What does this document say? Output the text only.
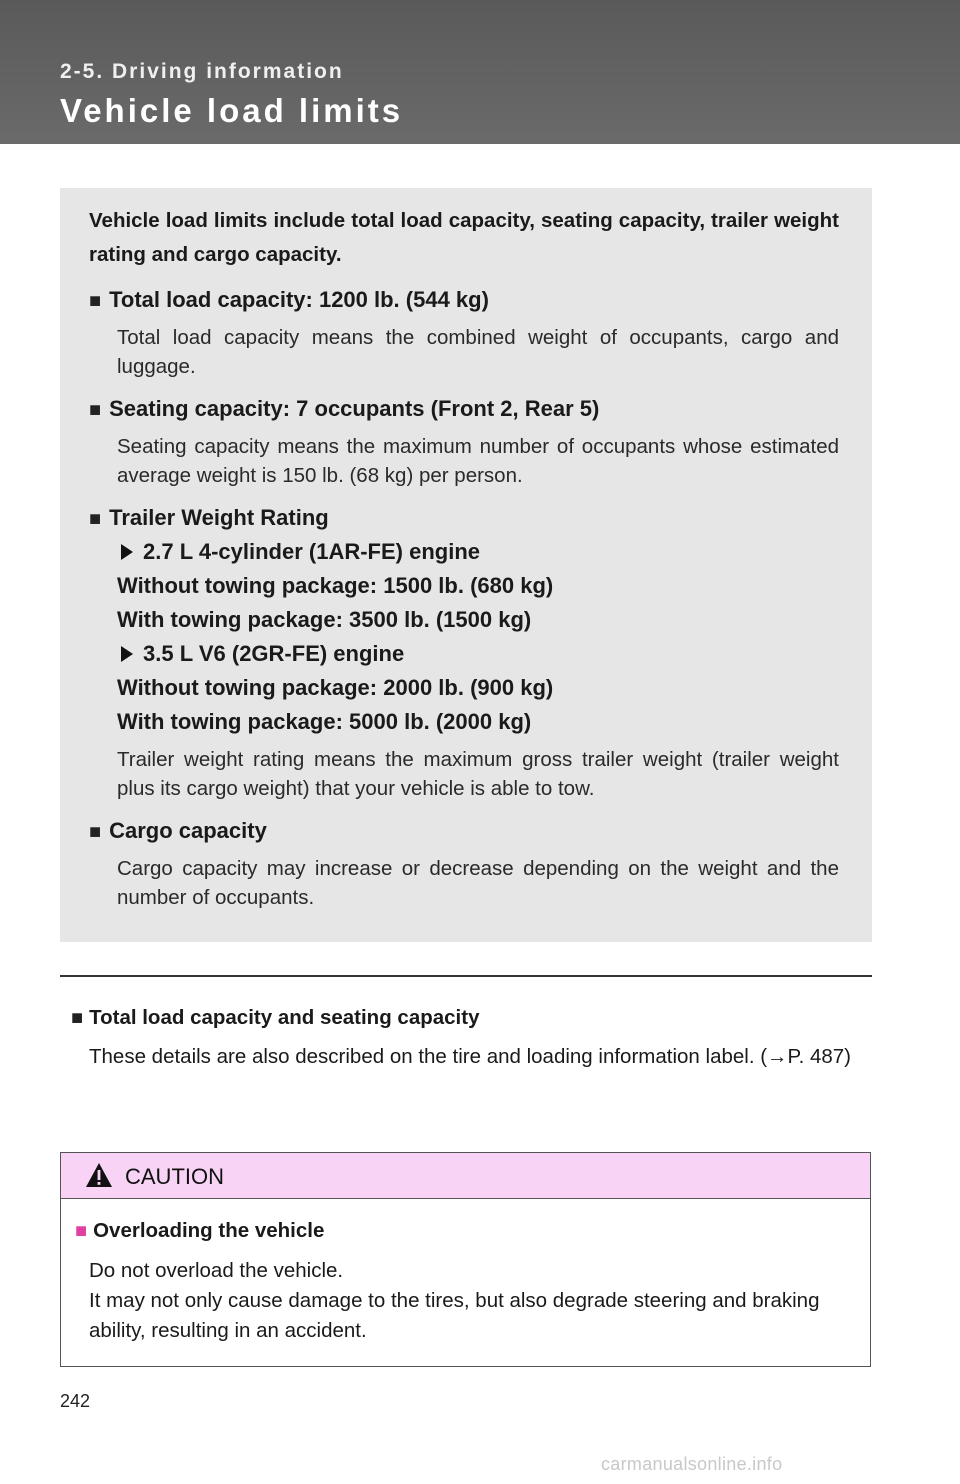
2-5. Driving information
Vehicle load limits
Vehicle load limits include total load capacity, seating capacity, trailer weight rating and cargo capacity.
■ Total load capacity: 1200 lb. (544 kg)
Total load capacity means the combined weight of occupants, cargo and luggage.
■ Seating capacity: 7 occupants (Front 2, Rear 5)
Seating capacity means the maximum number of occupants whose estimated average weight is 150 lb. (68 kg) per person.
■ Trailer Weight Rating
2.7 L 4-cylinder (1AR-FE) engine
Without towing package: 1500 lb. (680 kg)
With towing package: 3500 lb. (1500 kg)
3.5 L V6 (2GR-FE) engine
Without towing package: 2000 lb. (900 kg)
With towing package: 5000 lb. (2000 kg)
Trailer weight rating means the maximum gross trailer weight (trailer weight plus its cargo weight) that your vehicle is able to tow.
■ Cargo capacity
Cargo capacity may increase or decrease depending on the weight and the number of occupants.
■ Total load capacity and seating capacity
These details are also described on the tire and loading information label. (→P. 487)
CAUTION
■ Overloading the vehicle
Do not overload the vehicle.
It may not only cause damage to the tires, but also degrade steering and braking ability, resulting in an accident.
242
carmanualsonline.info
